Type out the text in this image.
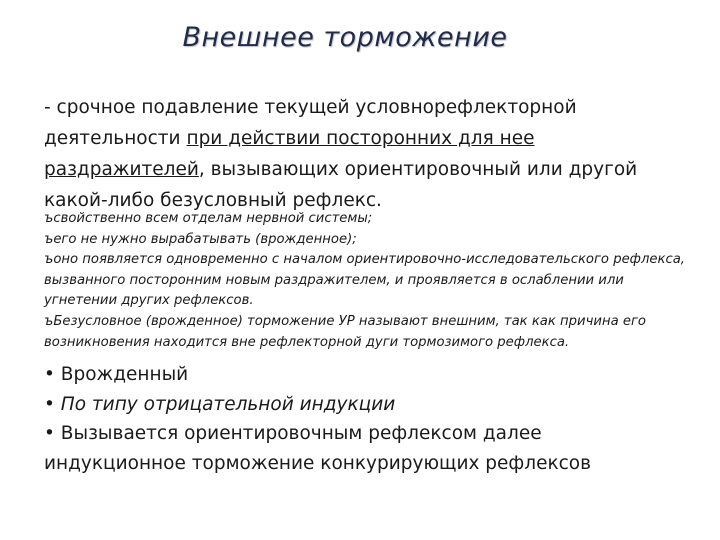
Внешнее торможение
- срочное подавление текущей условнорефлекторной деятельности при действии посторонних для нее раздражителей, вызывающих ориентировочный или другой какой-либо безусловный рефлекс.
ъсвойственно всем отделам нервной системы;
ъего не нужно вырабатывать (врожденное);
ъоно появляется одновременно с началом ориентировочно-исследовательского рефлекса, вызванного посторонним новым раздражителем, и проявляется в ослаблении или угнетении других рефлексов.
ъБезусловное (врожденное) торможение УР называют внешним, так как причина его возникновения находится вне рефлекторной дуги тормозимого рефлекса.
• Врожденный
• По типу отрицательной индукции
• Вызывается ориентировочным рефлексом далее индукционное торможение конкурирующих рефлексов
